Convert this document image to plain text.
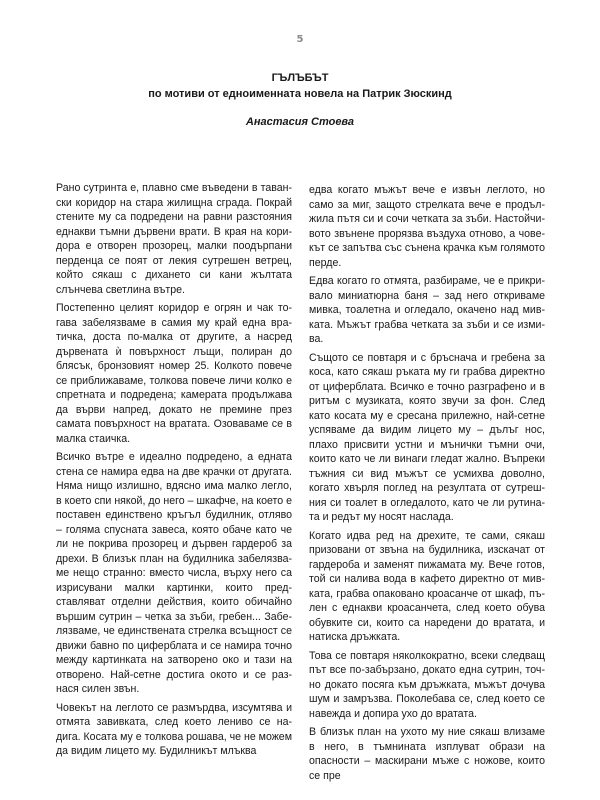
5
ГЪЛЪБЪТ
по мотиви от едноименната новела на Патрик Зюскинд
Анастасия Стоева

Рано сутринта е, плавно сме въведени в тавански коридор на стара жилищна сграда. Покрай стените му са подредени на равни разстояния еднакви тъмни дървени врати. В края на коридора е отворен прозорец, малки поодърпани перденца се поят от лекия сутрешен ветрец, който сякаш с дихането си кани жълтата слънчева светлина вътре.

Постепенно целият коридор е огрян и чак тогава забелязваме в самия му край една вратичка, доста по-малка от другите, а насред дървената ѝ повърхност лъщи, полиран до блясък, бронзовият номер 25. Колкото повече се приближаваме, толкова повече личи колко е спретната и подредена; камерата продължава да върви напред, докато не премине през самата повърхност на вратата. Озоваваме се в малка стаичка.

Всичко вътре е идеално подредено, а едната стена се намира едва на две крачки от другата. Няма нищо излишно, вдясно има малко легло, в което спи някой, до него – шкафче, на което е поставен единствено кръгъл будилник, отляво – голяма спусната завеса, която обаче като че ли не покрива прозорец и дървен гардероб за дрехи. В близък план на будилника забелязваме нещо странно: вместо числа, върху него са изрисувани малки картинки, които представляват отделни действия, които обичайно вършим сутрин – четка за зъби, гребен... Забелязваме, че единствената стрелка всъщност се движи бавно по циферблата и се намира точно между картинката на затворено око и тази на отворено. Най-сетне достига окото и се разнася силен звън.

Човекът на леглото се размърдва, изсумтява и отмята завивката, след което лениво се надига. Косата му е толкова рошава, че не можем да видим лицето му. Будилникът млъква

едва когато мъжът вече е извън леглото, но само за миг, защото стрелката вече е продължила пътя си и сочи четката за зъби. Настойчивото звънене прорязва въздуха отново, а човекът се запътва със сънена крачка към голямото перде.

Едва когато го отмята, разбираме, че е прикривало миниатюрна баня – зад него откриваме мивка, тоалетна и огледало, окачено над мивката. Мъжът грабва четката за зъби и се измива.

Същото се повтаря и с бръснача и гребена за коса, като сякаш ръката му ги грабва директно от циферблата. Всичко е точно разграфено и в ритъм с музиката, която звучи за фон. След като косата му е сресана прилежно, най-сетне успяваме да видим лицето му – дълъг нос, плахо присвити устни и мънички тъмни очи, които като че ли винаги гледат жално. Въпреки тъжния си вид мъжът се усмихва доволно, когато хвърля поглед на резултата от сутрешния си тоалет в огледалото, като че ли рутината и редът му носят наслада.

Когато идва ред на дрехите, те сами, сякаш призовани от звъна на будилника, изскачат от гардероба и заменят пижамата му. Вече готов, той си налива вода в кафето директно от мивката, грабва опаковано кроасанче от шкаф, пълен с еднакви кроасанчета, след което обува обувките си, които са наредени до вратата, и натиска дръжката.

Това се повтаря няколкократно, всеки следващ път все по-забързано, докато една сутрин, точно докато посяга към дръжката, мъжът дочува шум и замръзва. Поколебава се, след което се навежда и допира ухо до вратата.

В близък план на ухото му ние сякаш влизаме в него, в тъмнината изплуват образи на опасности – маскирани мъже с ножове, които се пре
